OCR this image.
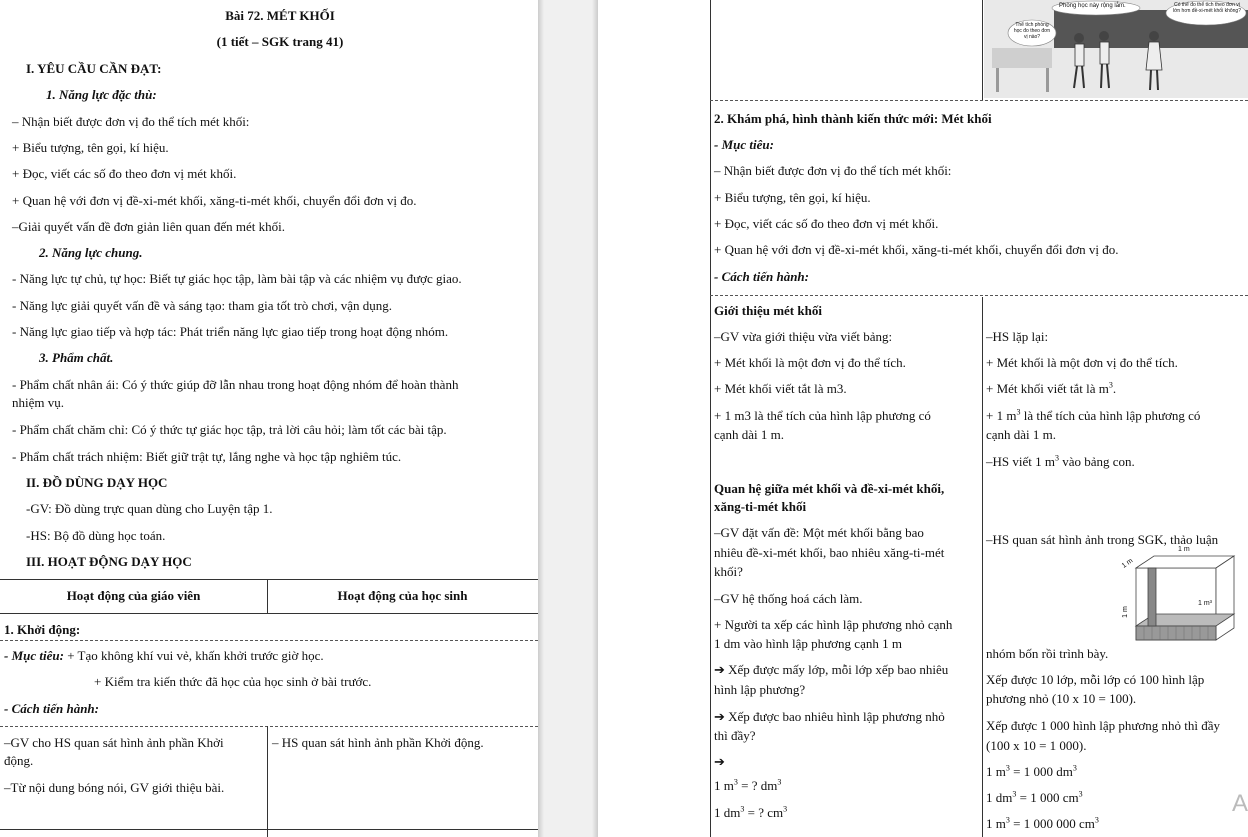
Bài 72. MÉT KHỐI
(1 tiết – SGK trang 41)
I. YÊU CẦU CẦN ĐẠT:
1. Năng lực đặc thù:
– Nhận biết được đơn vị đo thể tích mét khối:
+ Biểu tượng, tên gọi, kí hiệu.
+ Đọc, viết các số đo theo đơn vị mét khối.
+ Quan hệ với đơn vị đề-xi-mét khối, xăng-ti-mét khối, chuyển đổi đơn vị đo.
–Giải quyết vấn đề đơn giản liên quan đến mét khối.
2. Năng lực chung.
- Năng lực tự chủ, tự học: Biết tự giác học tập, làm bài tập và các nhiệm vụ được giao.
- Năng lực giải quyết vấn đề và sáng tạo: tham gia tốt trò chơi, vận dụng.
- Năng lực giao tiếp và hợp tác: Phát triển năng lực giao tiếp trong hoạt động nhóm.
3. Phẩm chất.
- Phẩm chất nhân ái: Có ý thức giúp đỡ lẫn nhau trong hoạt động nhóm để hoàn thành
nhiệm vụ.
- Phẩm chất chăm chỉ: Có ý thức tự giác học tập, trả lời câu hỏi; làm tốt các bài tập.
- Phẩm chất trách nhiệm: Biết giữ trật tự, lắng nghe và học tập nghiêm túc.
II. ĐỒ DÙNG DẠY HỌC
-GV: Đồ dùng trực quan dùng cho Luyện tập 1.
-HS: Bộ đồ dùng học toán.
III. HOẠT ĐỘNG DẠY HỌC
Hoạt động của giáo viên	Hoạt động của học sinh
1. Khởi động:
- Mục tiêu: + Tạo không khí vui vẻ, khấn khởi trước giờ học.
+ Kiểm tra kiến thức đã học của học sinh ở bài trước.
- Cách tiến hành:
–GV cho HS quan sát hình ảnh phần Khởi
động.
– HS quan sát hình ảnh phần Khởi động.
–Từ nội dung bóng nói, GV giới thiệu bài.
Phòng học này rộng lắm.	Có thể đo thể tích theo đơn vị lớn hơn đề-xi-mét khối không?
Thể tích phòng học đo theo đơn vị nào?
2. Khám phá, hình thành kiến thức mới: Mét khối
- Mục tiêu:
– Nhận biết được đơn vị đo thể tích mét khối:
+ Biểu tượng, tên gọi, kí hiệu.
+ Đọc, viết các số đo theo đơn vị mét khối.
+ Quan hệ với đơn vị đề-xi-mét khối, xăng-ti-mét khối, chuyển đổi đơn vị đo.
- Cách tiến hành:
Giới thiệu mét khối
–GV vừa giới thiệu vừa viết bảng:
+ Mét khối là một đơn vị đo thể tích.
+ Mét khối viết tắt là m3.
+ 1 m3 là thể tích của hình lập phương có
cạnh dài 1 m.
Quan hệ giữa mét khối và đề-xi-mét khối,
xăng-ti-mét khối
–GV đặt vấn đề: Một mét khối bằng bao
nhiêu đề-xi-mét khối, bao nhiêu xăng-ti-mét
khối?
–GV hệ thống hoá cách làm.
+ Người ta xếp các hình lập phương nhỏ cạnh
1 dm vào hình lập phương cạnh 1 m
➔ Xếp được mấy lớp, mỗi lớp xếp bao nhiêu
hình lập phương?
➔ Xếp được bao nhiêu hình lập phương nhỏ
thì đầy?
➔
1 $m^3$ = ? $dm^3$
1 $dm^3$ = ? $cm^3$
–HS lặp lại:
+ Mét khối là một đơn vị đo thể tích.
+ Mét khối viết tắt là $m^3$.
+ 1 $m^3$ là thể tích của hình lập phương có
cạnh dài 1 m.
–HS viết 1 $m^3$ vào bảng con.
–HS quan sát hình ảnh trong SGK, thảo luận
1 m
1 m³
1 m
1 m
nhóm bốn rồi trình bày.
Xếp được 10 lớp, mỗi lớp có 100 hình lập
phương nhỏ (10 x 10 = 100).
Xếp được 1 000 hình lập phương nhỏ thì đầy
(100 x 10 = 1 000).
1 $m^3 = 1$ 000 $dm^3$
1 $dm^3 = 1$ 000 $cm^3$
1 $m^3 = 1$ 000 000 $cm^3$
A
